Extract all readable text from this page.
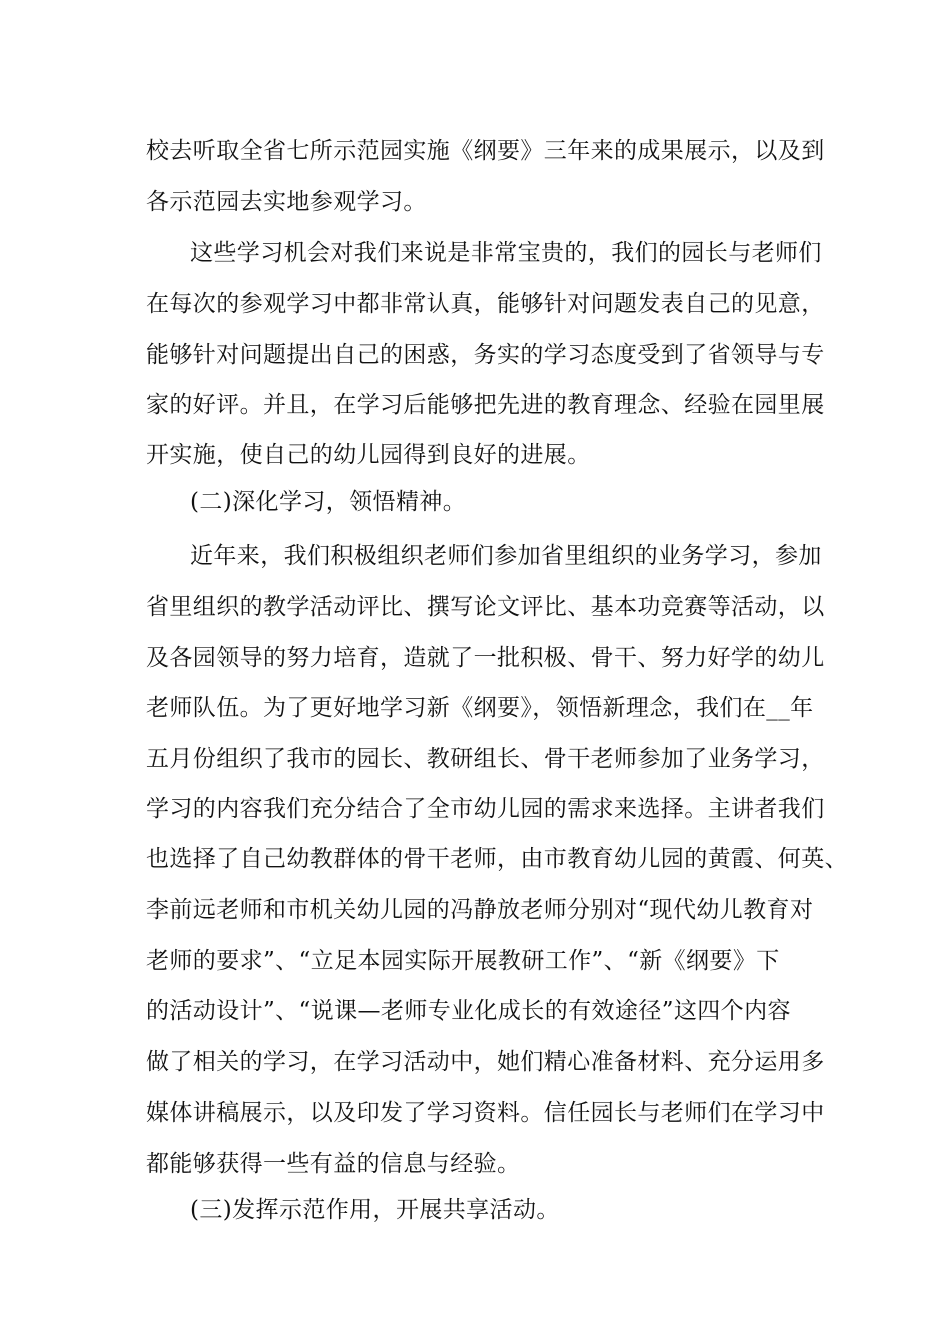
校去听取全省七所示范园实施《纲要》三年来的成果展示，以及到
各示范园去实地参观学习。
这些学习机会对我们来说是非常宝贵的，我们的园长与老师们
在每次的参观学习中都非常认真，能够针对问题发表自己的见意，
能够针对问题提出自己的困惑，务实的学习态度受到了省领导与专
家的好评。并且，在学习后能够把先进的教育理念、经验在园里展
开实施，使自己的幼儿园得到良好的进展。
(二)深化学习，领悟精神。
近年来，我们积极组织老师们参加省里组织的业务学习，参加
省里组织的教学活动评比、撰写论文评比、基本功竞赛等活动，以
及各园领导的努力培育，造就了一批积极、骨干、努力好学的幼儿
老师队伍。为了更好地学习新《纲要》，领悟新理念，我们在__年
五月份组织了我市的园长、教研组长、骨干老师参加了业务学习，
学习的内容我们充分结合了全市幼儿园的需求来选择。主讲者我们
也选择了自己幼教群体的骨干老师，由市教育幼儿园的黄霞、何英、
李前远老师和市机关幼儿园的冯静放老师分别对“现代幼儿教育对
老师的要求”、“立足本园实际开展教研工作”、“新《纲要》下
的活动设计”、“说课—老师专业化成长的有效途径”这四个内容
做了相关的学习，在学习活动中，她们精心准备材料、充分运用多
媒体讲稿展示，以及印发了学习资料。信任园长与老师们在学习中
都能够获得一些有益的信息与经验。
(三)发挥示范作用，开展共享活动。
